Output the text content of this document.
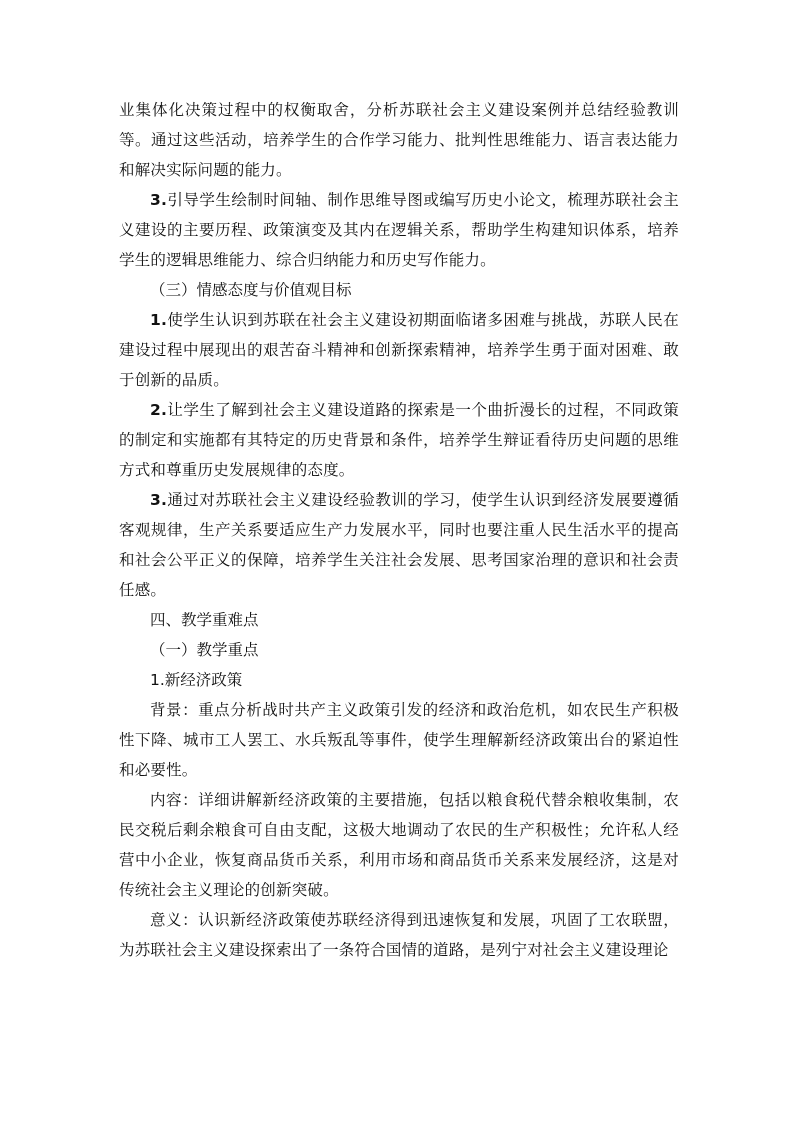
业集体化决策过程中的权衡取舍，分析苏联社会主义建设案例并总结经验教训等。通过这些活动，培养学生的合作学习能力、批判性思维能力、语言表达能力和解决实际问题的能力。

3.引导学生绘制时间轴、制作思维导图或编写历史小论文，梳理苏联社会主义建设的主要历程、政策演变及其内在逻辑关系，帮助学生构建知识体系，培养学生的逻辑思维能力、综合归纳能力和历史写作能力。

（三）情感态度与价值观目标

1.使学生认识到苏联在社会主义建设初期面临诸多困难与挑战，苏联人民在建设过程中展现出的艰苦奋斗精神和创新探索精神，培养学生勇于面对困难、敢于创新的品质。

2.让学生了解到社会主义建设道路的探索是一个曲折漫长的过程，不同政策的制定和实施都有其特定的历史背景和条件，培养学生辩证看待历史问题的思维方式和尊重历史发展规律的态度。

3.通过对苏联社会主义建设经验教训的学习，使学生认识到经济发展要遵循客观规律，生产关系要适应生产力发展水平，同时也要注重人民生活水平的提高和社会公平正义的保障，培养学生关注社会发展、思考国家治理的意识和社会责任感。

四、教学重难点

（一）教学重点

1.新经济政策

背景：重点分析战时共产主义政策引发的经济和政治危机，如农民生产积极性下降、城市工人罢工、水兵叛乱等事件，使学生理解新经济政策出台的紧迫性和必要性。

内容：详细讲解新经济政策的主要措施，包括以粮食税代替余粮收集制，农民交税后剩余粮食可自由支配，这极大地调动了农民的生产积极性；允许私人经营中小企业，恢复商品货币关系，利用市场和商品货币关系来发展经济，这是对传统社会主义理论的创新突破。

意义：认识新经济政策使苏联经济得到迅速恢复和发展，巩固了工农联盟，为苏联社会主义建设探索出了一条符合国情的道路，是列宁对社会主义建设理论
